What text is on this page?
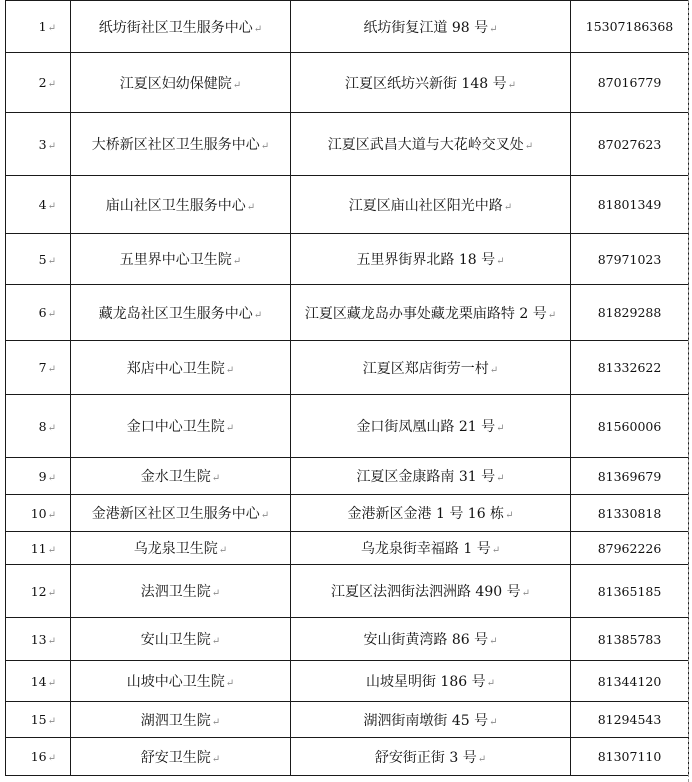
1↵	纸坊街社区卫生服务中心↵	纸坊街复江道 98 号↵	15307186368
2↵	江夏区妇幼保健院↵	江夏区纸坊兴新街 148 号↵	87016779
3↵	大桥新区社区卫生服务中心↵	江夏区武昌大道与大花岭交叉处↵	87027623
4↵	庙山社区卫生服务中心↵	江夏区庙山社区阳光中路↵	81801349
5↵	五里界中心卫生院↵	五里界街界北路 18 号↵	87971023
6↵	藏龙岛社区卫生服务中心↵	江夏区藏龙岛办事处藏龙栗庙路特 2 号↵	81829288
7↵	郑店中心卫生院↵	江夏区郑店街劳一村↵	81332622
8↵	金口中心卫生院↵	金口街凤凰山路 21 号↵	81560006
9↵	金水卫生院↵	江夏区金康路南 31 号↵	81369679
10↵	金港新区社区卫生服务中心↵	金港新区金港 1 号 16 栋↵	81330818
11↵	乌龙泉卫生院↵	乌龙泉街幸福路 1 号↵	87962226
12↵	法泗卫生院↵	江夏区法泗街法泗洲路 490 号↵	81365185
13↵	安山卫生院↵	安山街黄湾路 86 号↵	81385783
14↵	山坡中心卫生院↵	山坡星明街 186 号↵	81344120
15↵	湖泗卫生院↵	湖泗街南墩街 45 号↵	81294543
16↵	舒安卫生院↵	舒安街正街 3 号↵	81307110
